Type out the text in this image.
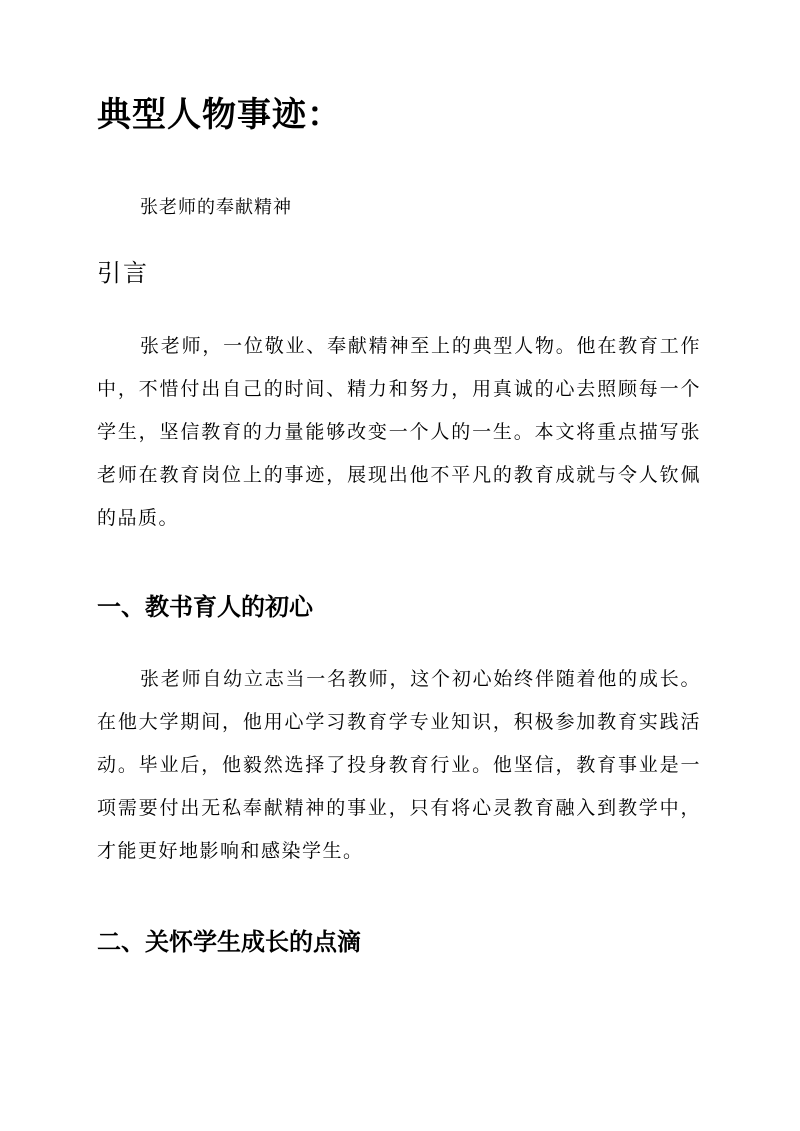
典型人物事迹：

张老师的奉献精神

引言

张老师，一位敬业、奉献精神至上的典型人物。他在教育工作中，不惜付出自己的时间、精力和努力，用真诚的心去照顾每一个学生，坚信教育的力量能够改变一个人的一生。本文将重点描写张老师在教育岗位上的事迹，展现出他不平凡的教育成就与令人钦佩的品质。

一、教书育人的初心

张老师自幼立志当一名教师，这个初心始终伴随着他的成长。在他大学期间，他用心学习教育学专业知识，积极参加教育实践活动。毕业后，他毅然选择了投身教育行业。他坚信，教育事业是一项需要付出无私奉献精神的事业，只有将心灵教育融入到教学中，才能更好地影响和感染学生。

二、关怀学生成长的点滴
